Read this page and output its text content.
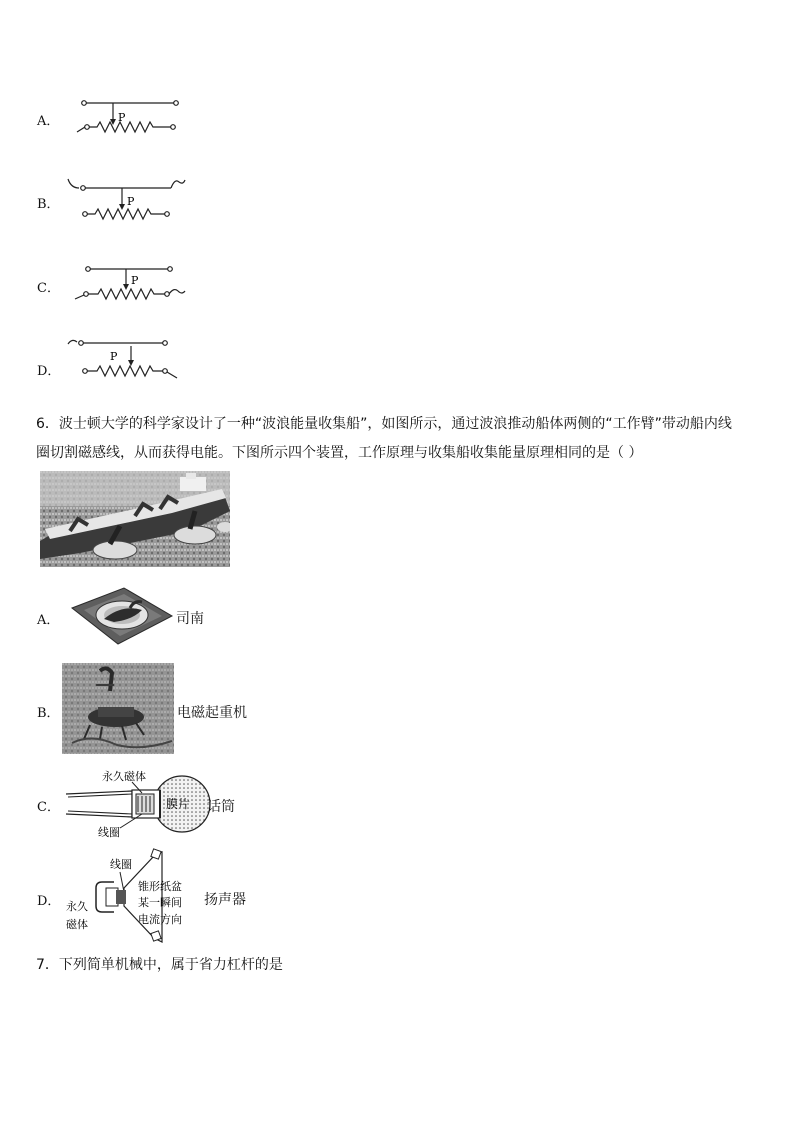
A．	P
B．	P
C．
P
D．
P
6．波士顿大学的科学家设计了一种“波浪能量收集船”，如图所示，通过波浪推动船体两侧的“工作臂”带动船内线
圈切割磁感线，从而获得电能。下图所示四个装置，工作原理与收集船收集能量原理相同的是（ ）
A．	司南
B．	电磁起重机
C．
永久磁体
膜片
线圈
话筒
D．
线圈
永久
磁体
锥形纸盆
某一瞬间
电流方向
扬声器
7．下列简单机械中，属于省力杠杆的是
